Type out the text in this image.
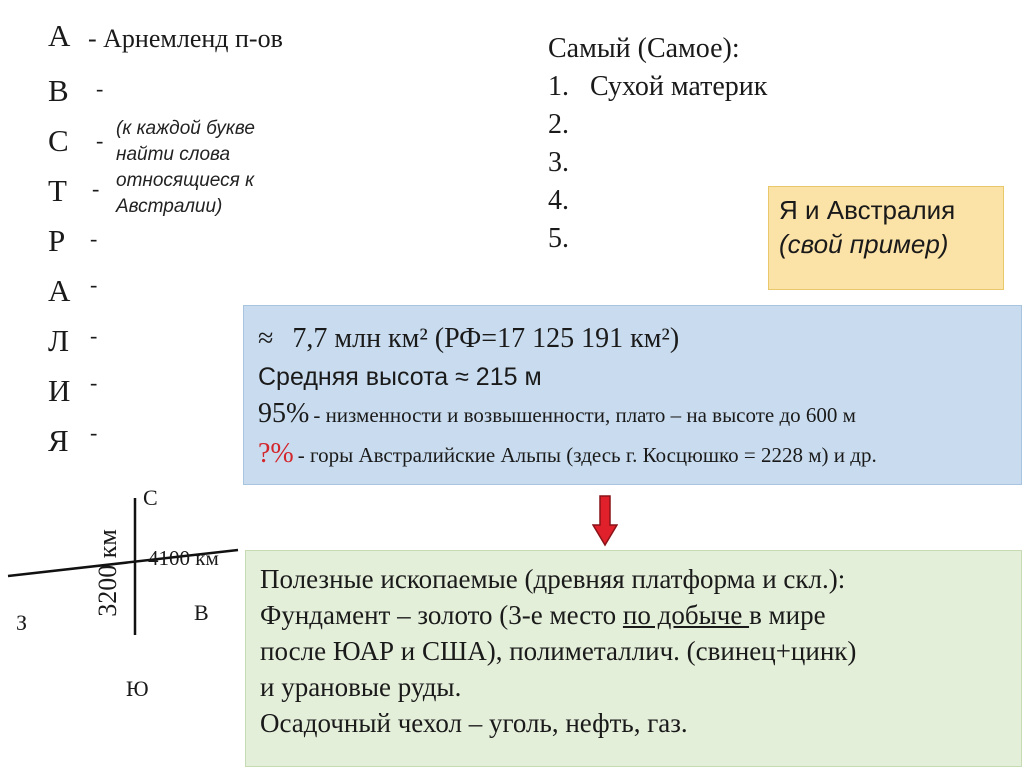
А - Арнемленд п-ов
В -
С -
Т -
Р -
А -
Л -
И -
Я -
(к каждой букве
найти слова
относящиеся к
Австралии)
Самый (Самое):
1. Сухой материк
2.
3.
4.
5.
Я и Австралия
(свой пример)
≈ 7,7 млн км² (РФ=17 125 191 км²)
Средняя высота ≈ 215 м
95% - низменности и возвышенности, плато – на высоте до 600 м
?% - горы Австралийские Альпы (здесь г. Косцюшко = 2228 м) и др.
С
Ю
З	В
4100 км
3200 км	Полезные ископаемые (древняя платформа и скл.):
Фундамент – золото (3-е место по добыче в мире
после ЮАР и США), полиметаллич. (свинец+цинк)
и урановые руды.
Осадочный чехол – уголь, нефть, газ.
